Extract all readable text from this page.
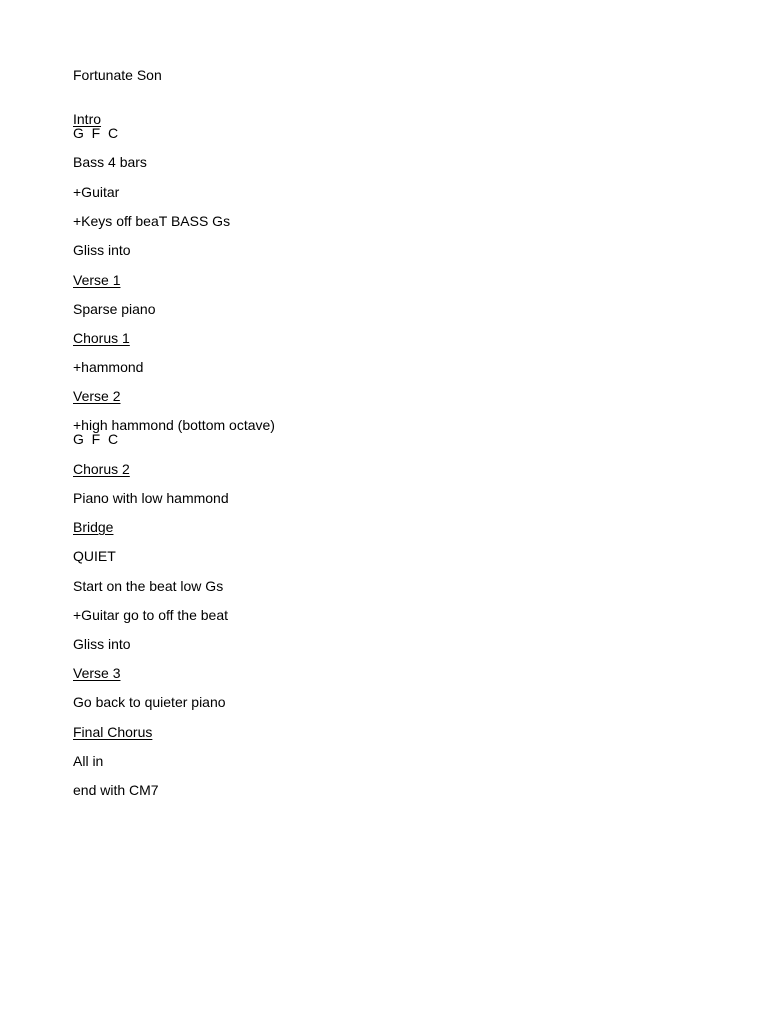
Fortunate Son
Intro
G  F  C
Bass 4 bars
+Guitar
+Keys off beaT BASS Gs
Gliss into
Verse 1
Sparse piano
Chorus 1
+hammond
Verse 2
+high hammond (bottom octave)
G  F  C
Chorus 2
Piano with low hammond
Bridge
QUIET
Start on the beat low Gs
+Guitar go to off the beat
Gliss into
Verse 3
Go back to quieter piano
Final Chorus
All in
end with CM7
